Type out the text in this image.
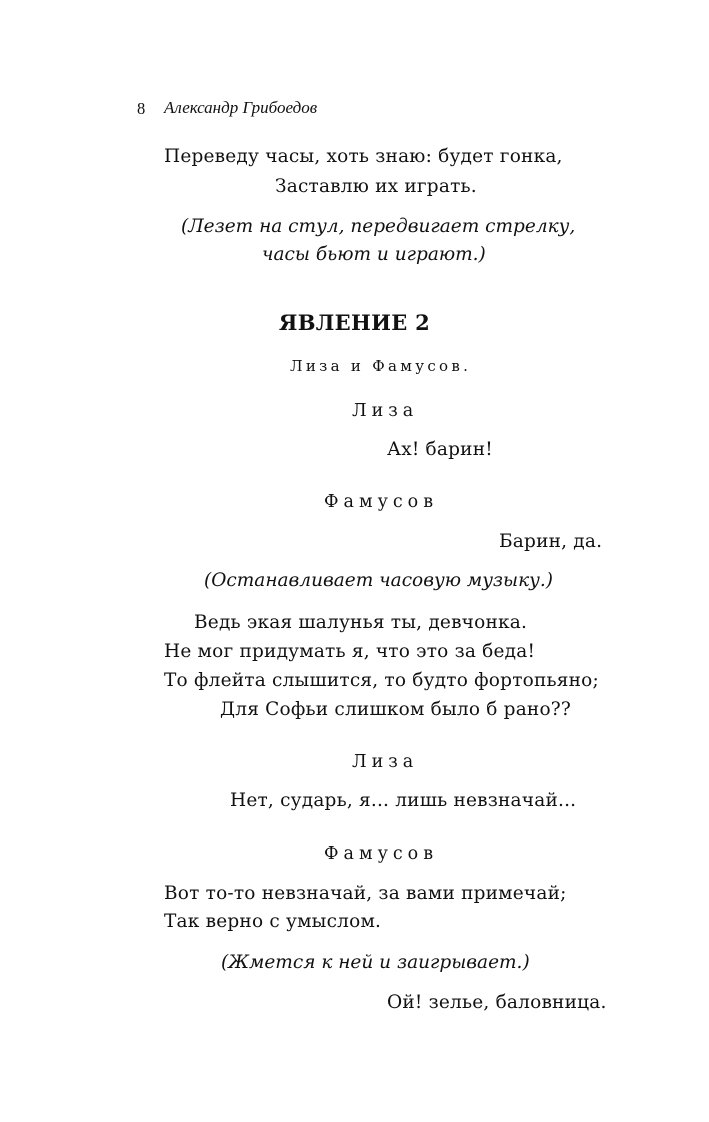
8 Александр Грибоедов
Переведу часы, хоть знаю: будет гонка,
Заставлю их играть.
(Лезет на стул, передвигает стрелку,
часы бьют и играют.)
ЯВЛЕНИЕ 2
Лиза и Фамусов.
Лиза
Ах! барин!
Фамусов
Барин, да.
(Останавливает часовую музыку.)
Ведь экая шалунья ты, девчонка.
Не мог придумать я, что это за беда!
То флейта слышится, то будто фортопьяно;
Для Софьи слишком было б рано??
Лиза
Нет, сударь, я... лишь невзначай...
Фамусов
Вот то-то невзначай, за вами примечай;
Так верно с умыслом.
(Жмется к ней и заигрывает.)
Ой! зелье, баловница.
